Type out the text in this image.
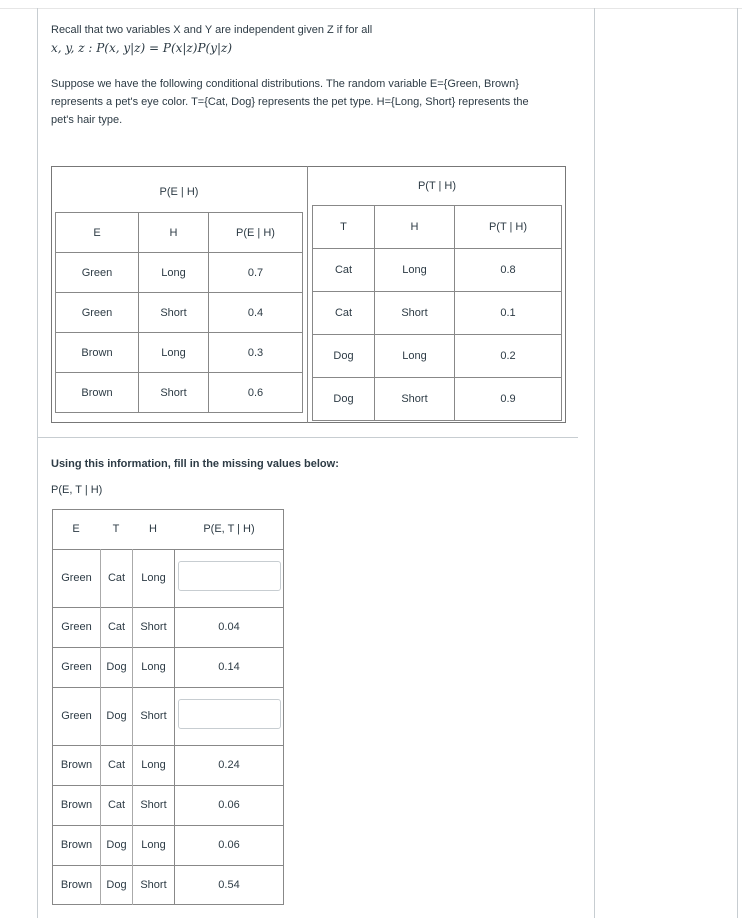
Recall that two variables X and Y are independent given Z if for all
x, y, z : P(x, y|z) = P(x|z)P(y|z)
Suppose we have the following conditional distributions. The random variable E={Green, Brown}
represents a pet's eye color. T={Cat, Dog} represents the pet type. H={Long, Short} represents the
pet's hair type.
P(E | H)
E	H	P(E | H)
Green	Long	0.7
Green	Short	0.4
Brown	Long	0.3
Brown	Short	0.6
P(T | H)
T	H	P(T | H)
Cat	Long	0.8
Cat	Short	0.1
Dog	Long	0.2
Dog	Short	0.9
Using this information, fill in the missing values below:
P(E, T | H)
E	T	H	P(E, T | H)
Green	Cat	Long
Green	Cat	Short	0.04
Green	Dog	Long	0.14
Green	Dog	Short
Brown	Cat	Long	0.24
Brown	Cat	Short	0.06
Brown	Dog	Long	0.06
Brown	Dog	Short	0.54
